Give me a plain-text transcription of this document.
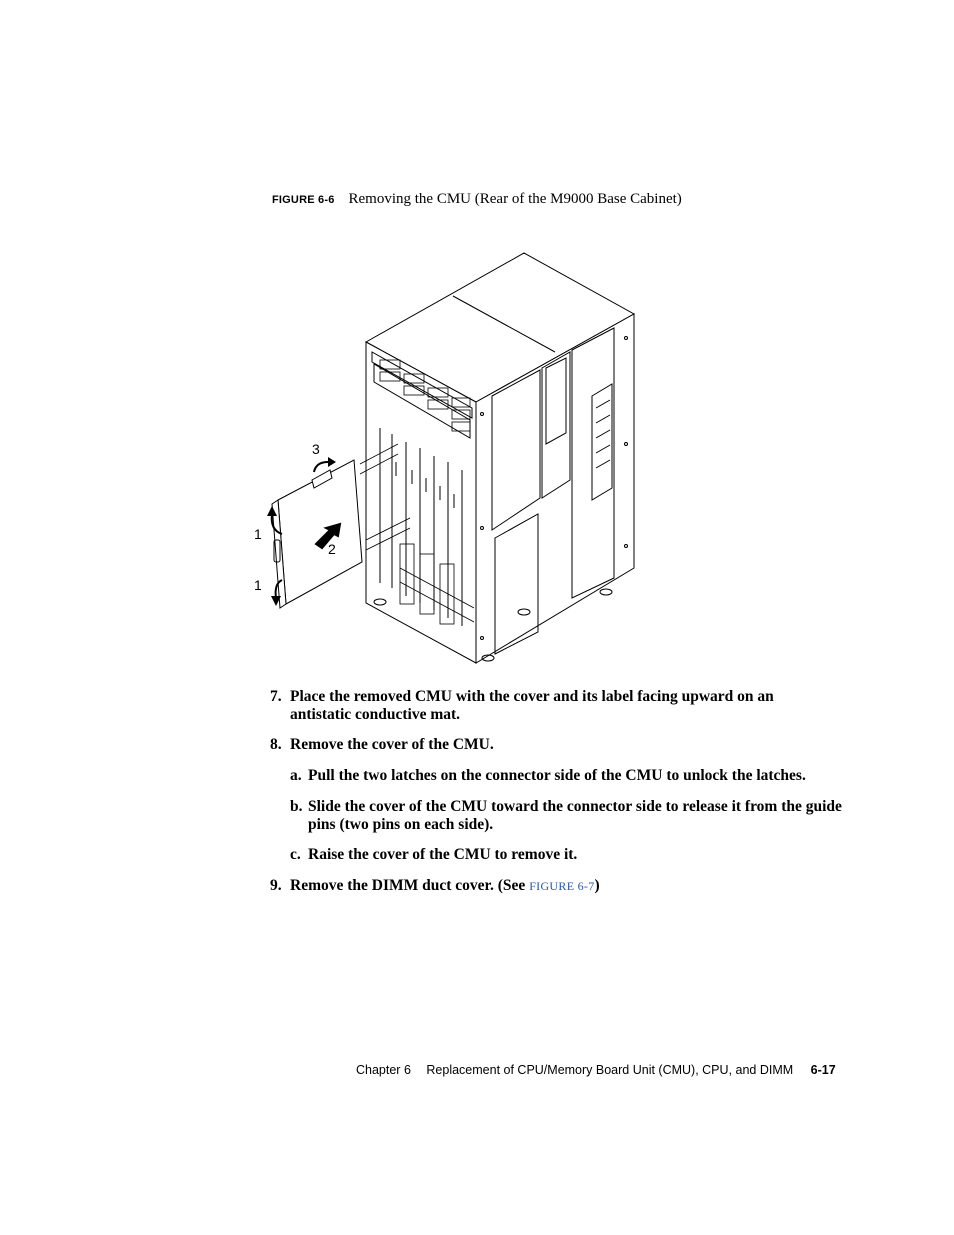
FIGURE 6-6 Removing the CMU (Rear of the M9000 Base Cabinet)
3
1
2
1
7. Place the removed CMU with the cover and its label facing upward on an antistatic conductive mat.
8. Remove the cover of the CMU.
a. Pull the two latches on the connector side of the CMU to unlock the latches.
b. Slide the cover of the CMU toward the connector side to release it from the guide pins (two pins on each side).
c. Raise the cover of the CMU to remove it.
9. Remove the DIMM duct cover. (See FIGURE 6-7)
Chapter 6 Replacement of CPU/Memory Board Unit (CMU), CPU, and DIMM 6-17
